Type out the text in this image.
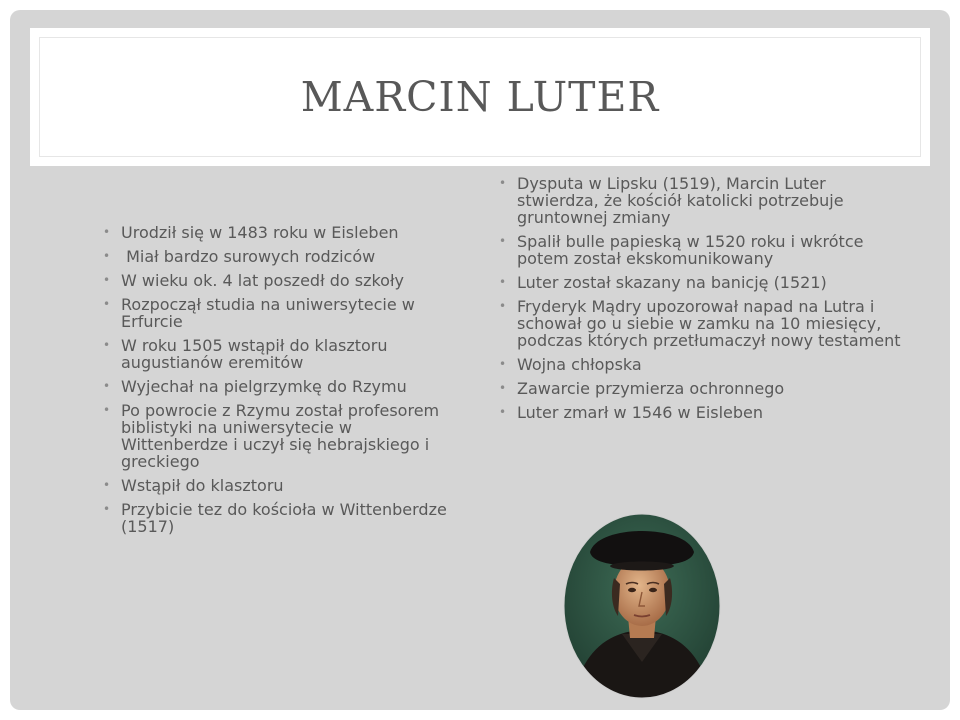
MARCIN LUTER
• Urodził się w 1483 roku w Eisleben
• Miał bardzo surowych rodziców
• W wieku ok. 4 lat poszedł do szkoły
• Rozpoczął studia na uniwersytecie w Erfurcie
• W roku 1505 wstąpił do klasztoru augustianów eremitów
• Wyjechał na pielgrzymkę do Rzymu
• Po powrocie z Rzymu został profesorem biblistyki na uniwersytecie w Wittenberdze i uczył się hebrajskiego i greckiego
• Wstąpił do klasztoru
• Przybicie tez do kościoła w Wittenberdze (1517)
• Dysputa w Lipsku (1519), Marcin Luter stwierdza, że kościół katolicki potrzebuje gruntownej zmiany
• Spalił bulle papieską w 1520 roku i wkrótce potem został ekskomunikowany
• Luter został skazany na banicję (1521)
• Fryderyk Mądry upozorował napad na Lutra i schował go u siebie w zamku na 10 miesięcy, podczas których przetłumaczył nowy testament
• Wojna chłopska
• Zawarcie przymierza ochronnego
• Luter zmarł w 1546 w Eisleben
